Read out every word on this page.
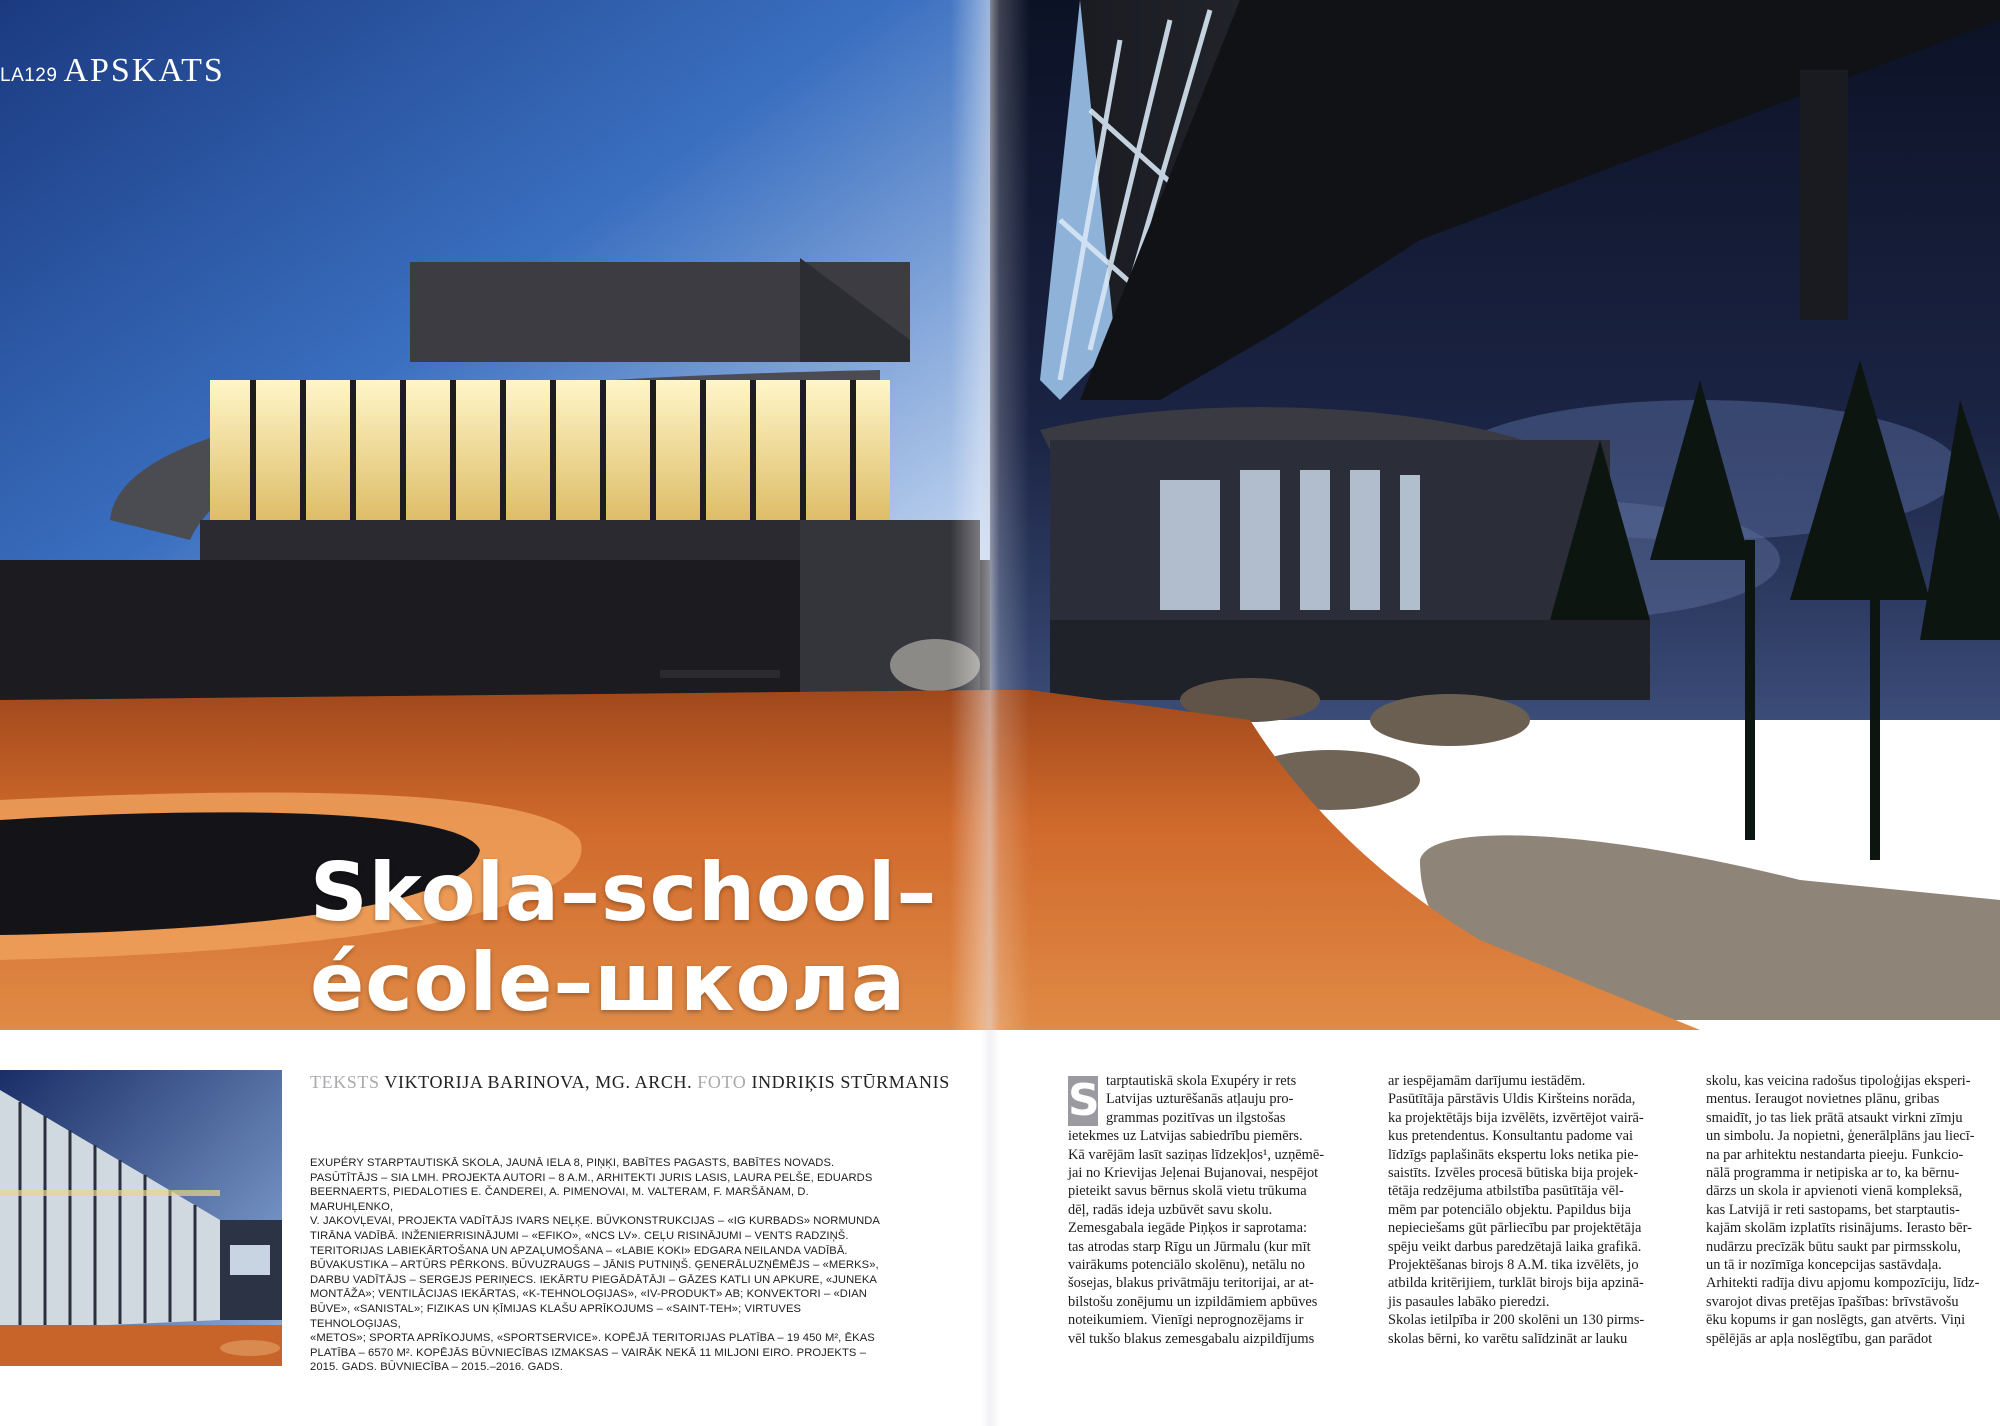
LA129 APSKATS
Skola–school–
école–школа
TEKSTS VIKTORIJA BARINOVA, MG. ARCH. FOTO INDRIĶIS STŪRMANIS
EXUPÉRY STARPTAUTISKĀ SKOLA, JAUNĀ IELA 8, PIŅĶI, BABĪTES PAGASTS, BABĪTES NOVADS.
PASŪTĪTĀJS – SIA LMH. PROJEKTA AUTORI – 8 A.M., ARHITEKTI JURIS LASIS, LAURA PELŠE, EDUARDS
BEERNAERTS, PIEDALOTIES E. ČANDEREI, A. PIMENOVAI, M. VALTERAM, F. MARŠĀNAM, D. MARUHĻENKO,
V. JAKOVĻEVAI, PROJEKTA VADĪTĀJS IVARS NEĻĶE. BŪVKONSTRUKCIJAS – «IG KURBADS» NORMUNDA
TIRĀNA VADĪBĀ. INŽENIERRISINĀJUMI – «EFIKO», «NCS LV». CEĻU RISINĀJUMI – VENTS RADZIŅŠ.
TERITORIJAS LABIEKĀRTOŠANA UN APZAĻUMOŠANA – «LABIE KOKI» EDGARA NEILANDA VADĪBĀ.
BŪVAKUSTIKA – ARTŪRS PĒRKONS. BŪVUZRAUGS – JĀNIS PUTNIŅŠ. ĢENERĀLUZŅĒMĒJS – «MERKS»,
DARBU VADĪTĀJS – SERGEJS PERIŅECS. IEKĀRTU PIEGĀDĀTĀJI – GĀZES KATLI UN APKURE, «JUNEKA
MONTĀŽA»; VENTILĀCIJAS IEKĀRTAS, «K-TEHNOLOĢIJAS», «IV-PRODUKT» AB; KONVEKTORI – «DIAN
BŪVE», «SANISTAL»; FIZIKAS UN ĶĪMIJAS KLAŠU APRĪKOJUMS – «SAINT-TEH»; VIRTUVES TEHNOLOĢIJAS,
«METOS»; SPORTA APRĪKOJUMS, «SPORTSERVICE». KOPĒJĀ TERITORIJAS PLATĪBA – 19 450 M², ĒKAS
PLATĪBA – 6570 M². KOPĒJĀS BŪVNIECĪBAS IZMAKSAS – VAIRĀK NEKĀ 11 MILJONI EIRO. PROJEKTS –
2015. GADS. BŪVNIECĪBA – 2015.–2016. GADS.
S tarptautiskā skola Exupéry ir rets

Latvijas uzturēšanās atļauju pro-

grammas pozitīvas un ilgstošas

ietekmes uz Latvijas sabiedrību piemērs.

Kā varējām lasīt saziņas līdzekļos¹, uzņēmē-

jai no Krievijas Jeļenai Bujanovai, nespējot

pieteikt savus bērnus skolā vietu trūkuma

dēļ, radās ideja uzbūvēt savu skolu.

Zemesgabala iegāde Piņķos ir saprotama:

tas atrodas starp Rīgu un Jūrmalu (kur mīt

vairākums potenciālo skolēnu), netālu no

šosejas, blakus privātmāju teritorijai, ar at-

bilstošu zonējumu un izpildāmiem apbūves

noteikumiem. Vienīgi neprognozējams ir

vēl tukšo blakus zemesgabalu aizpildījums

ar iespējamām darījumu iestādēm.

Pasūtītāja pārstāvis Uldis Kiršteins norāda,

ka projektētājs bija izvēlēts, izvērtējot vairā-

kus pretendentus. Konsultantu padome vai

līdzīgs paplašināts ekspertu loks netika pie-

saistīts. Izvēles procesā būtiska bija projek-

tētāja redzējuma atbilstība pasūtītāja vēl-

mēm par potenciālo objektu. Papildus bija

nepieciešams gūt pārliecību par projektētāja

spēju veikt darbus paredzētajā laika grafikā.

Projektēšanas birojs 8 A.M. tika izvēlēts, jo

atbilda kritērijiem, turklāt birojs bija apzinā-

jis pasaules labāko pieredzi.

Skolas ietilpība ir 200 skolēni un 130 pirms-

skolas bērni, ko varētu salīdzināt ar lauku

skolu, kas veicina radošus tipoloģijas eksperi-

mentus. Ieraugot novietnes plānu, gribas

smaidīt, jo tas liek prātā atsaukt virkni zīmju

un simbolu. Ja nopietni, ģenerālplāns jau liecī-

na par arhitektu nestandarta pieeju. Funkcio-

nālā programma ir netipiska ar to, ka bērnu-

dārzs un skola ir apvienoti vienā kompleksā,

kas Latvijā ir reti sastopams, bet starptautis-

kajām skolām izplatīts risinājums. Ierasto bēr-

nudārzu precīzāk būtu saukt par pirmsskolu,

un tā ir nozīmīga koncepcijas sastāvdaļa.

Arhitekti radīja divu apjomu kompozīciju, līdz-

svarojot divas pretējas īpašības: brīvstāvošu

ēku kopums ir gan noslēgts, gan atvērts. Viņi

spēlējās ar apļa noslēgtību, gan parādot
